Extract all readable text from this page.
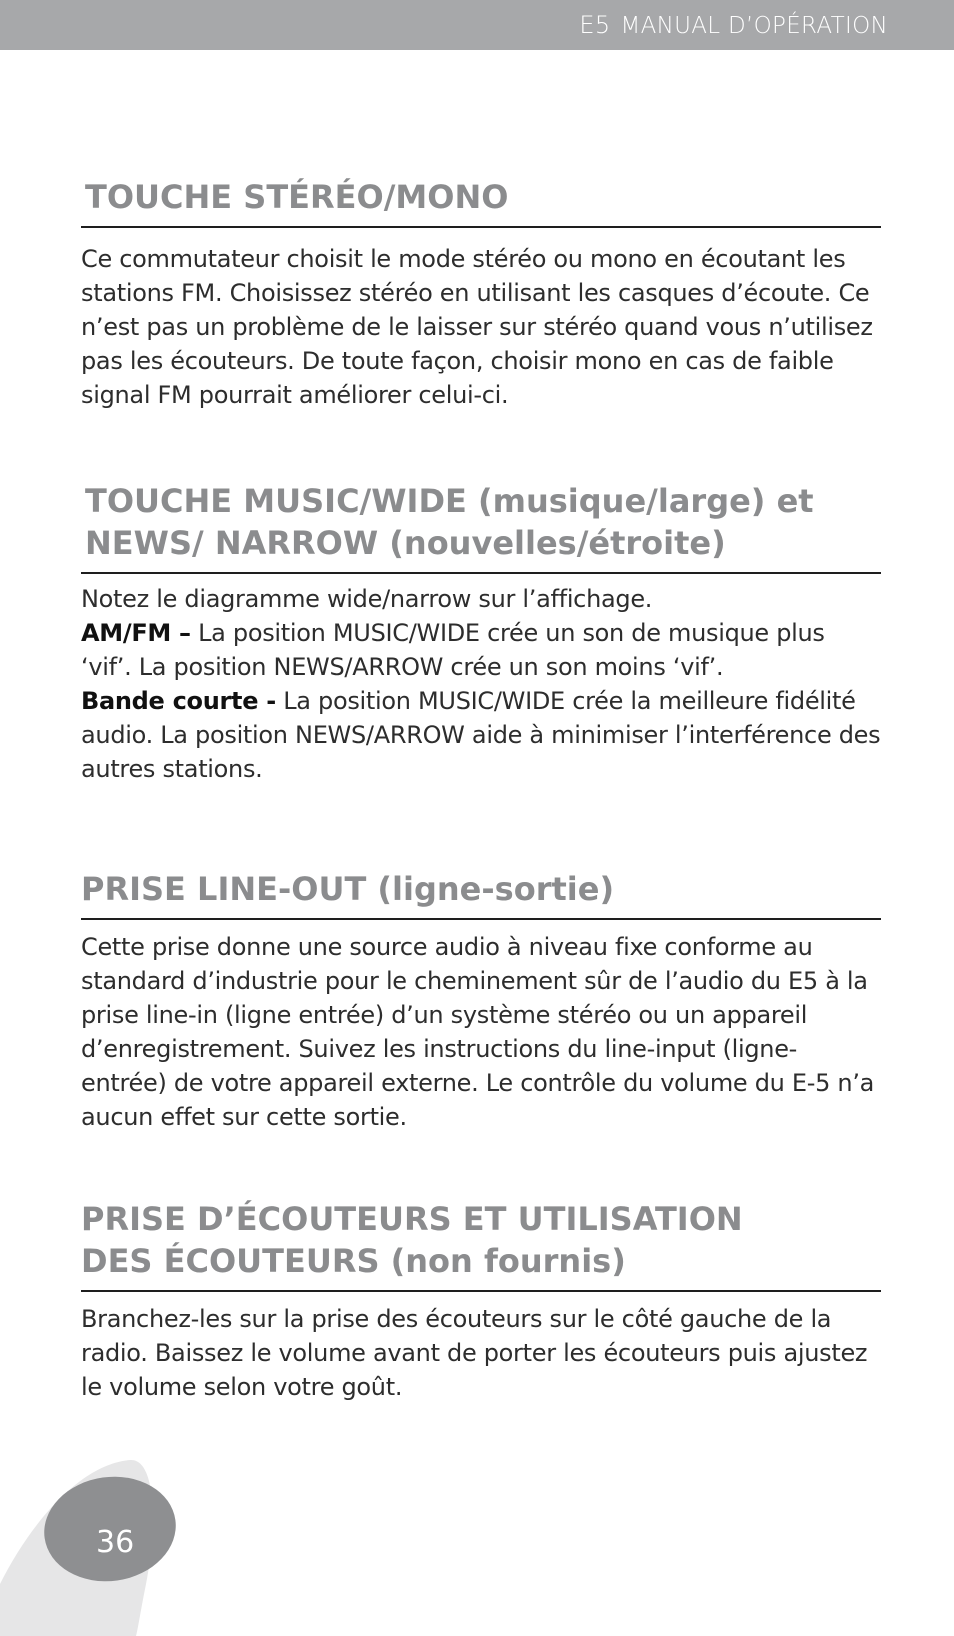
E5 MANUAL D’OPÉRATION
TOUCHE STÉRÉO/MONO

Ce commutateur choisit le mode stéréo ou mono en écoutant les stations FM. Choisissez stéréo en utilisant les casques d’écoute. Ce n’est pas un problème de le laisser sur stéréo quand vous n’utilisez pas les écouteurs. De toute façon, choisir mono en cas de faible signal FM pourrait améliorer celui-ci.

TOUCHE MUSIC/WIDE (musique/large) et NEWS/ NARROW (nouvelles/étroite)

Notez le diagramme wide/narrow sur l’affichage.

AM/FM – La position MUSIC/WIDE crée un son de musique plus ‘vif’. La position NEWS/ARROW crée un son moins ‘vif’.

Bande courte - La position MUSIC/WIDE crée la meilleure fidélité audio. La position NEWS/ARROW aide à minimiser l’interférence des autres stations.

PRISE LINE-OUT (ligne-sortie)

Cette prise donne une source audio à niveau fixe conforme au standard d’industrie pour le cheminement sûr de l’audio du E5 à la prise line-in (ligne entrée) d’un système stéréo ou un appareil d’enregistrement. Suivez les instructions du line-input (ligne-entrée) de votre appareil externe. Le contrôle du volume du E-5 n’a aucun effet sur cette sortie.

PRISE D’ÉCOUTEURS ET UTILISATION DES ÉCOUTEURS (non fournis)

Branchez-les sur la prise des écouteurs sur le côté gauche de la radio. Baissez le volume avant de porter les écouteurs puis ajustez le volume selon votre goût.

36
